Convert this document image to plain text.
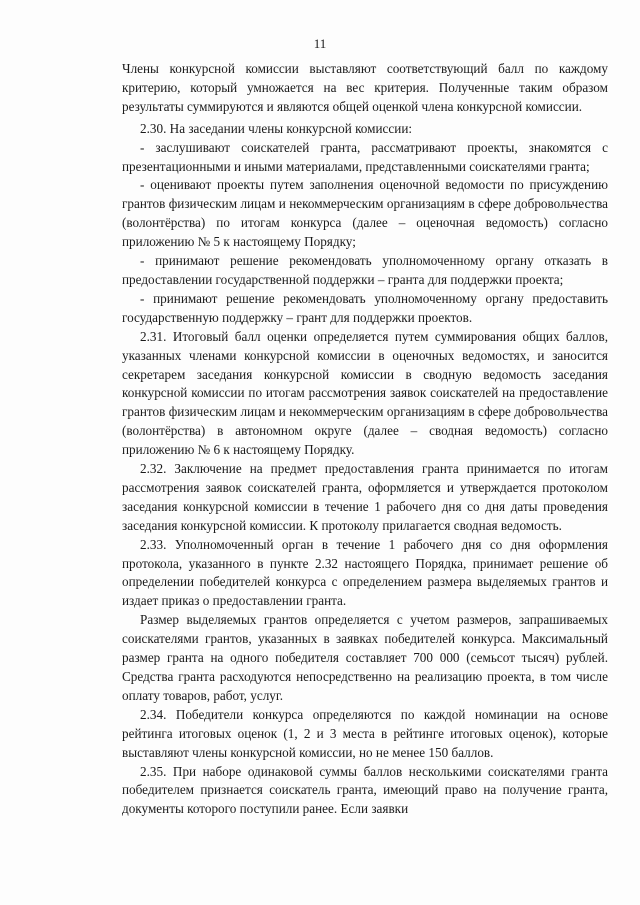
11

Члены конкурсной комиссии выставляют соответствующий балл по каждому критерию, который умножается на вес критерия. Полученные таким образом результаты суммируются и являются общей оценкой члена конкурсной комиссии.

2.30. На заседании члены конкурсной комиссии:

- заслушивают соискателей гранта, рассматривают проекты, знакомятся с презентационными и иными материалами, представленными соискателями гранта;

- оценивают проекты путем заполнения оценочной ведомости по присуждению грантов физическим лицам и некоммерческим организациям в сфере добровольчества (волонтёрства) по итогам конкурса (далее – оценочная ведомость) согласно приложению № 5 к настоящему Порядку;

- принимают решение рекомендовать уполномоченному органу отказать в предоставлении государственной поддержки – гранта для поддержки проекта;

- принимают решение рекомендовать уполномоченному органу предоставить государственную поддержку – грант для поддержки проектов.

2.31. Итоговый балл оценки определяется путем суммирования общих баллов, указанных членами конкурсной комиссии в оценочных ведомостях, и заносится секретарем заседания конкурсной комиссии в сводную ведомость заседания конкурсной комиссии по итогам рассмотрения заявок соискателей на предоставление грантов физическим лицам и некоммерческим организациям в сфере добровольчества (волонтёрства) в автономном округе (далее – сводная ведомость) согласно приложению № 6 к настоящему Порядку.

2.32. Заключение на предмет предоставления гранта принимается по итогам рассмотрения заявок соискателей гранта, оформляется и утверждается протоколом заседания конкурсной комиссии в течение 1 рабочего дня со дня даты проведения заседания конкурсной комиссии. К протоколу прилагается сводная ведомость.

2.33. Уполномоченный орган в течение 1 рабочего дня со дня оформления протокола, указанного в пункте 2.32 настоящего Порядка, принимает решение об определении победителей конкурса с определением размера выделяемых грантов и издает приказ о предоставлении гранта.

Размер выделяемых грантов определяется с учетом размеров, запрашиваемых соискателями грантов, указанных в заявках победителей конкурса. Максимальный размер гранта на одного победителя составляет 700 000 (семьсот тысяч) рублей. Средства гранта расходуются непосредственно на реализацию проекта, в том числе оплату товаров, работ, услуг.

2.34. Победители конкурса определяются по каждой номинации на основе рейтинга итоговых оценок (1, 2 и 3 места в рейтинге итоговых оценок), которые выставляют члены конкурсной комиссии, но не менее 150 баллов.

2.35. При наборе одинаковой суммы баллов несколькими соискателями гранта победителем признается соискатель гранта, имеющий право на получение гранта, документы которого поступили ранее. Если заявки
